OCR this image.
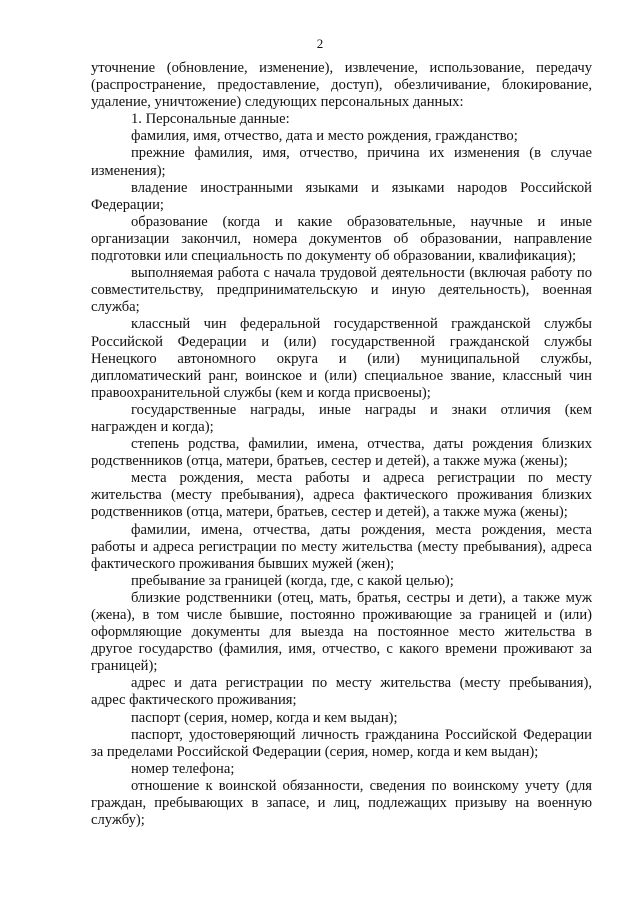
2
уточнение (обновление, изменение), извлечение, использование, передачу
(распространение, предоставление, доступ), обезличивание, блокирование,
удаление, уничтожение) следующих персональных данных:
1. Персональные данные:
фамилия, имя, отчество, дата и место рождения, гражданство;
прежние фамилия, имя, отчество, причина их изменения (в случае
изменения);
владение иностранными языками и языками народов Российской
Федерации;
образование (когда и какие образовательные, научные и иные
организации закончил, номера документов об образовании, направление
подготовки или специальность по документу об образовании, квалификация);
выполняемая работа с начала трудовой деятельности (включая работу по
совместительству, предпринимательскую и иную деятельность), военная
служба;
классный чин федеральной государственной гражданской службы
Российской Федерации и (или) государственной гражданской службы
Ненецкого автономного округа и (или) муниципальной службы,
дипломатический ранг, воинское и (или) специальное звание, классный чин
правоохранительной службы (кем и когда присвоены);
государственные награды, иные награды и знаки отличия (кем
награжден и когда);
степень родства, фамилии, имена, отчества, даты рождения близких
родственников (отца, матери, братьев, сестер и детей), а также мужа (жены);
места рождения, места работы и адреса регистрации по месту
жительства (месту пребывания), адреса фактического проживания близких
родственников (отца, матери, братьев, сестер и детей), а также мужа (жены);
фамилии, имена, отчества, даты рождения, места рождения, места
работы и адреса регистрации по месту жительства (месту пребывания), адреса
фактического проживания бывших мужей (жен);
пребывание за границей (когда, где, с какой целью);
близкие родственники (отец, мать, братья, сестры и дети), а также муж
(жена), в том числе бывшие, постоянно проживающие за границей и (или)
оформляющие документы для выезда на постоянное место жительства в
другое государство (фамилия, имя, отчество, с какого времени проживают за
границей);
адрес и дата регистрации по месту жительства (месту пребывания),
адрес фактического проживания;
паспорт (серия, номер, когда и кем выдан);
паспорт, удостоверяющий личность гражданина Российской Федерации
за пределами Российской Федерации (серия, номер, когда и кем выдан);
номер телефона;
отношение к воинской обязанности, сведения по воинскому учету (для
граждан, пребывающих в запасе, и лиц, подлежащих призыву на военную
службу);
